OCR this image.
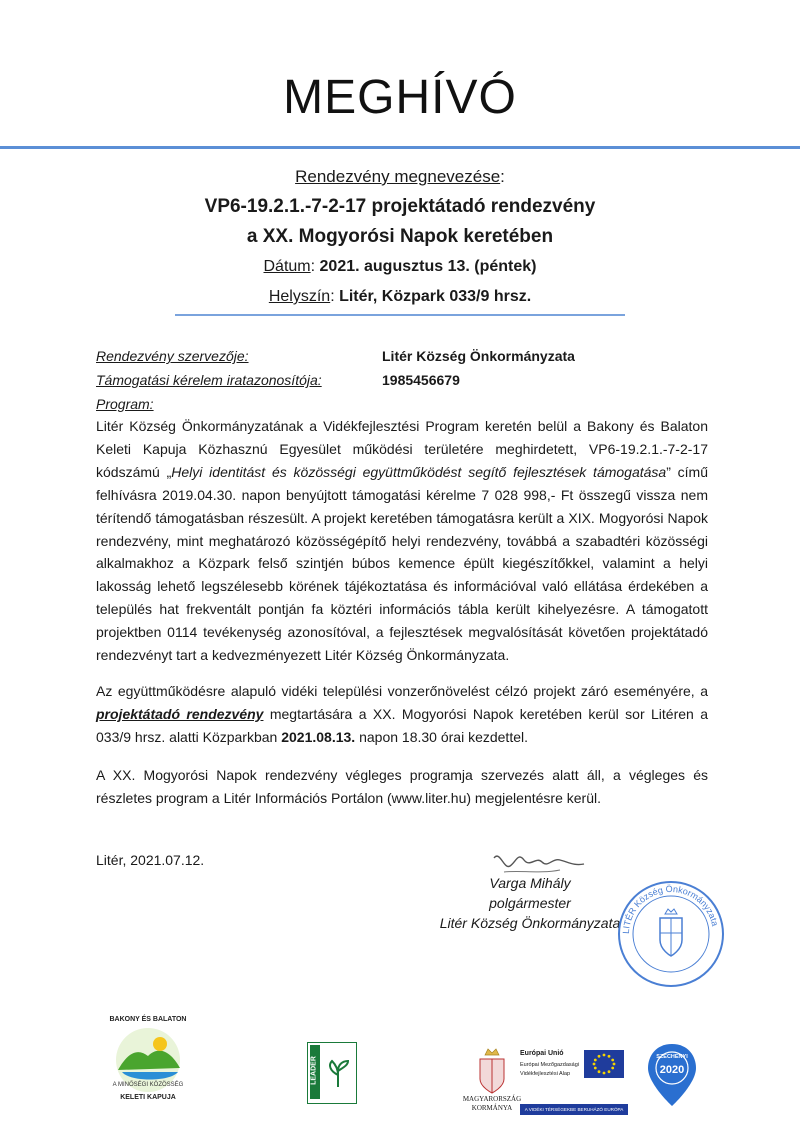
MEGHÍVÓ
Rendezvény megnevezése:
VP6-19.2.1.-7-2-17 projektátadó rendezvény
a XX. Mogyorósi Napok keretében
Dátum: 2021. augusztus 13. (péntek)
Helyszín: Litér, Közpark 033/9 hrsz.
Rendezvény szervezője:	Litér Község Önkormányzata
Támogatási kérelem iratazonosítója:	1985456679
Program:
Litér Község Önkormányzatának a Vidékfejlesztési Program keretén belül a Bakony és Balaton Keleti Kapuja Közhasznú Egyesület működési területére meghirdetett, VP6-19.2.1.-7-2-17 kódszámú „Helyi identitást és közösségi együttműködést segítő fejlesztések támogatása” című felhívásra 2019.04.30. napon benyújtott támogatási kérelme 7 028 998,- Ft összegű vissza nem térítendő támogatásban részesült. A projekt keretében támogatásra került a XIX. Mogyorósi Napok rendezvény, mint meghatározó közösségépítő helyi rendezvény, továbbá a szabadtéri közösségi alkalmakhoz a Közpark felső szintjén búbos kemence épült kiegészítőkkel, valamint a helyi lakosság lehető legszélesebb körének tájékoztatása és információval való ellátása érdekében a település hat frekventált pontján fa köztéri információs tábla került kihelyezésre. A támogatott projektben 0114 tevékenység azonosítóval, a fejlesztések megvalósítását követően projektátadó rendezvényt tart a kedvezményezett Litér Község Önkormányzata.
Az együttműködésre alapuló vidéki települési vonzerőnövelést célzó projekt záró eseményére, a projektátadó rendezvény megtartására a XX. Mogyorósi Napok keretében kerül sor Litéren a 033/9 hrsz. alatti Közparkban 2021.08.13. napon 18.30 órai kezdettel.
A XX. Mogyorósi Napok rendezvény végleges programja szervezés alatt áll, a végleges és részletes program a Litér Információs Portálon (www.liter.hu) megjelentésre kerül.
Litér, 2021.07.12.
Varga Mihály
polgármester
Litér Község Önkormányzata
LITÉR Község Önkormányzata
BAKONY ÉS BALATON
A MINŐSÉGI KÖZÖSSÉG
KELETI KAPUJA
LEADER
MAGYARORSZÁG
KORMÁNYA
Európai Unió
Európai Mezőgazdasági
Vidékfejlesztési Alap
A VIDÉKI TÉRSÉGEKBE BERUHÁZÓ EURÓPA
SZÉCHENYI
2020
